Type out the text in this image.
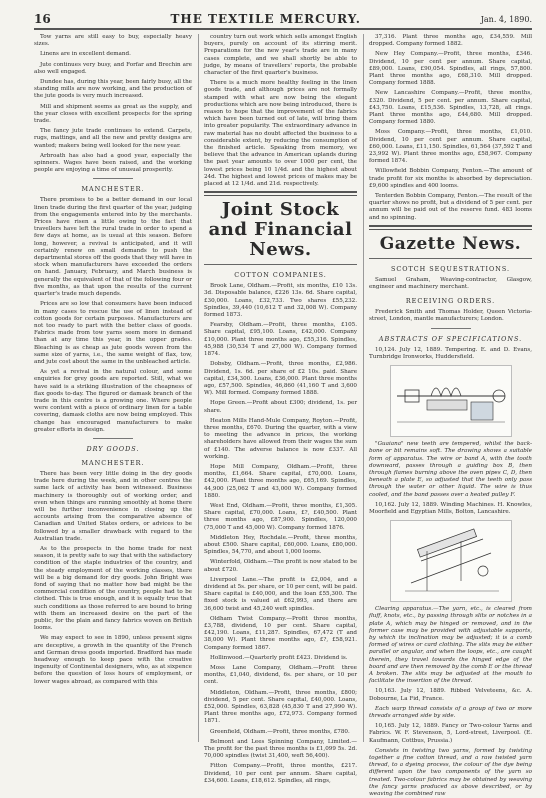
16	THE TEXTILE MERCURY.	Jan. 4, 1890.

Tow yarns are still easy to buy, especially heavy sizes.

Linens are in excellent demand.

Jute continues very busy, and Forfar and Brechin are also well engaged.

Dundee has, during this year, been fairly busy, all the standing mills are now working, and the production of the jute goods is very much increased.

Mill and shipment seems as great as the supply, and the year closes with excellent prospects for the spring trade.

The fancy jute trade continues to extend. Carpets, rugs, mattings, and all the new and pretty designs are wanted; makers being well looked for the new year.

Arbroath has also had a good year, especially the spinners. Wages have been raised, and the working people are enjoying a time of unusual prosperity.

MANCHESTER.

There promises to be a better demand in our local linen trade during the first quarter of the year, judging from the engagements entered into by the merchants. Prices have risen a little owing to the fact that travellers have left the rural trade in order to spend a few days at home, as is usual at this season. Before long, however, a revival is anticipated, and it will certainly renew on small demands to push the departmental stores off the goods that they will have in stock when manufacturers have exceeded the orders on hand. January, February, and March business is generally the equivalent of that of the following four or five months, as that upon the results of the current quarter's trade much depends.

Prices are so low that consumers have been induced in many cases to rescue the use of linen instead of cotton goods for certain purposes. Manufacturers are not too ready to part with the better class of goods. Fabrics made from tow yarns seem more in demand than at any time this year, in the upper grades. Bleaching is as cheap as jute goods woven from the same size of yarns, i.e., the same weight of flax, tow, and jute cost about the same in the unbleached article.

As yet a revival in the natural colour, and some enquiries for grey goods are reported. Still, what we have said is a striking illustration of the cheapness of flax goods to-day. The figured or damask branch of the trade in this centre is a growing one. Where people were content with a piece of ordinary linen for a table covering, damask cloths are now being employed. This change has encouraged manufacturers to make greater efforts in design.

DRY GOODS.
MANCHESTER.

There has been very little doing in the dry goods trade here during the week, and in other centres the same lack of activity has been witnessed. Business machinery is thoroughly out of working order, and even when things are running smoothly at home there will be further inconvenience in closing up the accounts arising from the comparative absence of Canadian and United States orders, or advices to be followed by a smaller drawback with regard to the Australian trade.

As to the prospects in the home trade for next season, it is pretty safe to say that with the satisfactory condition of the staple industries of the country, and the steady employment of the working classes, there will be a big demand for dry goods. John Bright was fond of saying that no matter how bad might be the commercial condition of the country, people had to be clothed. This is true enough, and it is equally true that such conditions as those referred to are bound to bring with them an increased desire on the part of the public, for the plain and fancy fabrics woven on British looms.

We may expect to see in 1890, unless present signs are deceptive, a growth in the quantity of the French and German dress goods imported. Bradford has made headway enough to keep pace with the creative ingenuity of Continental designers, who, as at sixpence before the question of loss hours of employment, or lower wages abroad, as compared with this

country turn out work which sells amongst English buyers, purely on account of its stirring merit. Preparations for the new year's trade are in many cases complete, and we shall shortly be able to judge, by means of travellers' reports, the probable character of the first quarter's business.

There is a much more healthy feeling in the linen goods trade, and although prices are not formally stamped with what are now being the elegant productions which are now being introduced, there is reason to hope that the improvement of the fabrics which have been turned out of late, will bring them into greater popularity. The extraordinary advance in raw material has no doubt affected the business to a considerable extent, by reducing the consumption of the finished article. Speaking from memory, we believe that the advance in American uplands during the past year amounts to over 1000 per cent, the lowest prices being 10 1/4d. and the highest about 24d. The highest and lowest prices of makes may be placed at 12 1/4d. and 21d. respectively.

Joint Stock and Financial News.
COTTON COMPANIES.

Brook Lane, Oldham.—Profit, six months, £10 13s. 3d. Disposable balance, £226 13s. 6d. Share capital, £30,000. Loans, £32,733. Two shares £55,232. Spindles, 39,440 (10,612 T and 32,008 W). Company formed 1873.

Fearsby, Oldham.—Profit, three months, £105. Share capital, £95,100. Loans, £42,000. Company £10,000. Plant three months ago, £55,316. Spindles, 45,988 (30,534 T and 27,000 W). Company formed 1874.

Dobsby, Oldham.—Profit, three months, £2,986. Dividend, 1s. 6d. per share of £2 10s. paid. Share capital, £34,300. Loans, £36,000. Plant three months ago, £57,500. Spindles, 46,860 (41,160 T and 3,600 W). Mill formed. Company formed 1888.

Hope Green.—Profit about £300; dividend, 1s. per share.

Heaton Mills Hand-Mule Company, Royton.—Profit, three months, £670. During the quarter, with a view to meeting the advance in prices, the working shareholders have allowed from their wages the sum of £140. The adverse balance is now £337. All working.

Hope Mill Company, Oldham.—Profit, three months, £1,664. Share capital, £70,000. Loans, £42,000. Plant three months ago, £65,169. Spindles, 44,900 (25,062 T and 43,000 W). Company formed 1880.

West End, Oldham.—Profit, three months, £1,305. Share capital, £70,000. Loans, £?, £40,500. Plant three months ago, £87,900. Spindles, 120,000 (75,000 T and 45,000 W). Company formed 1876.

Middleton Hey, Rochdale.—Profit, three months, about £500. Share capital, £60,000. Loans, £80,000. Spindles, 54,770, and about 1,000 looms.

Winterfold, Oldham.—The profit is now stated to be about £720.

Liverpool Lane.—The profit is £2,004, and a dividend at 5s. per share, or 10 per cent, will be paid. Share capital is £40,000, and the loan £55,300. The fixed stock is valued at £62,993, and there are 36,600 twist and 45,240 weft spindles.

Oldham Twist Company.—Profit three months, £3,788, dividend, 10 per cent. Share capital, £42,190. Loans, £11,287. Spindles, 67,472 (T and 38,000 W). Plant three months ago, £?, £58,921. Company formed 1867.

Hollinwood.—Quarterly profit £423. Dividend is.

Moss Lane Company, Oldham.—Profit three months, £1,040, dividend, 6s. per share, or 10 per cent.

Middleton, Oldham.—Profit, three months, £800; dividend, 5 per cent. Share capital, £40,000. Loans, £52,000. Spindles, 63,828 (45,830 T and 27,990 W). Plant three months ago, £72,973. Company formed 1871.

Greenfield, Oldham.—Profit, three months, £780.

Belmont and Lees Spinning Company, Limited.—The profit for the past three months is £1,099 5s. 2d. 70,000 spindles (twist 31,400, weft 56,400).

Fitton Company.—Profit, three months, £217. Dividend, 10 per cent per annum. Share capital, £34,600. Loans, £18,612. Spindles, all rings,

37,316. Plant three months ago, £34,559. Mill dropped. Company formed 1882.

New Hey Company.—Profit, three months, £346. Dividend, 10 per cent per annum. Share capital, £89,000. Loans, £90,054. Spindles, all rings, 57,800. Plant three months ago, £68,310. Mill dropped. Company formed 1888.

New Lancashire Company.—Profit, three months, £320. Dividend, 5 per cent. per annum. Share capital, £43,750. Loans, £15,536. Spindles, 13,728, all rings. Plant three months ago, £44,680. Mill dropped. Company formed 1880.

Moss Company.—Profit, three months, £1,010. Dividend, 10 per cent per annum. Share capital, £60,000. Loans, £11,150. Spindles, 61,564 (37,592 T and 23,992 W). Plant three months ago, £58,967. Company formed 1874.

Willowfield Bobbin Company, Fenton.—The amount of trade profit for six months is absorbed by depreciation. £9,600 spindles and 400 looms.

Tenterden Bobbin Company, Fenton.—The result of the quarter shows no profit, but a dividend of 5 per cent. per annum will be paid out of the reserve fund. 483 looms and no spinning.

Gazette News.
SCOTCH SEQUESTRATIONS.

Samuel Graham, Weaving-contractor, Glasgow, engineer and machinery merchant.

RECEIVING ORDERS.

Frederick Smith and Thomas Holder, Queen Victoria-street, London, mantle manufacturers; London.

ABSTRACTS OF SPECIFICATIONS.

10,124. July 12, 1889. Tempering. E. and D. Evans, Turnbridge Ironworks, Huddersfield.

"Guaiana" new teeth are tempered, whilst the back-bone or bit remains soft. The drawing shows a suitable form of apparatus. The wire or band A, with the tooth downward, passes through a guiding box B, then through flames burning above the oven pipes C, D, then beneath a plate E, so adjusted that the teeth only pass through the water or other liquid. The wire is thus cooled, and the band passes over a heated pulley F.

10,162. July 12, 1889. Winding Machines. H. Knowles, Moorfield and Egyptian Mills, Bolton, Lancashire.

Clearing apparatus.—The yarn, etc., is cleared from fluff, knots, etc., by passing through slits or notches in a plate A, which may be hinged or removed, and in the former case may be provided with adjustable supports, by which its inclination may be adjusted; it is a comb formed of wires or card clothing. The slits may be either parallel or angular, and when the loops, etc., are caught therein, they travel towards the hinged edge of the board and are then removed by the comb E or the thread A broken. The slits may be adjusted at the mouth to facilitate the insertion of the thread.

10,163. July 12, 1889. Ribbed Velveteens, &c. A. Dobourne, La Fid, France.

Each warp thread consists of a group of two or more threads arranged side by side.

10,165. July 12, 1889. Fancy or Two-colour Yarns and Fabrics. W. F. Stevenson, 5, Lord-street, Liverpool. (E. Kaufmann, Cottbus, Prussia.)

Consists in twisting two yarns, formed by twisting together a fine cotton thread, and a raw twisted yarn thread, to a dyeing process, the colour of the dye being different upon the two components of the yarn so treated. Two-colour fabrics may be obtained by weaving the fancy yarns produced as above described, or by weaving the combined raw
